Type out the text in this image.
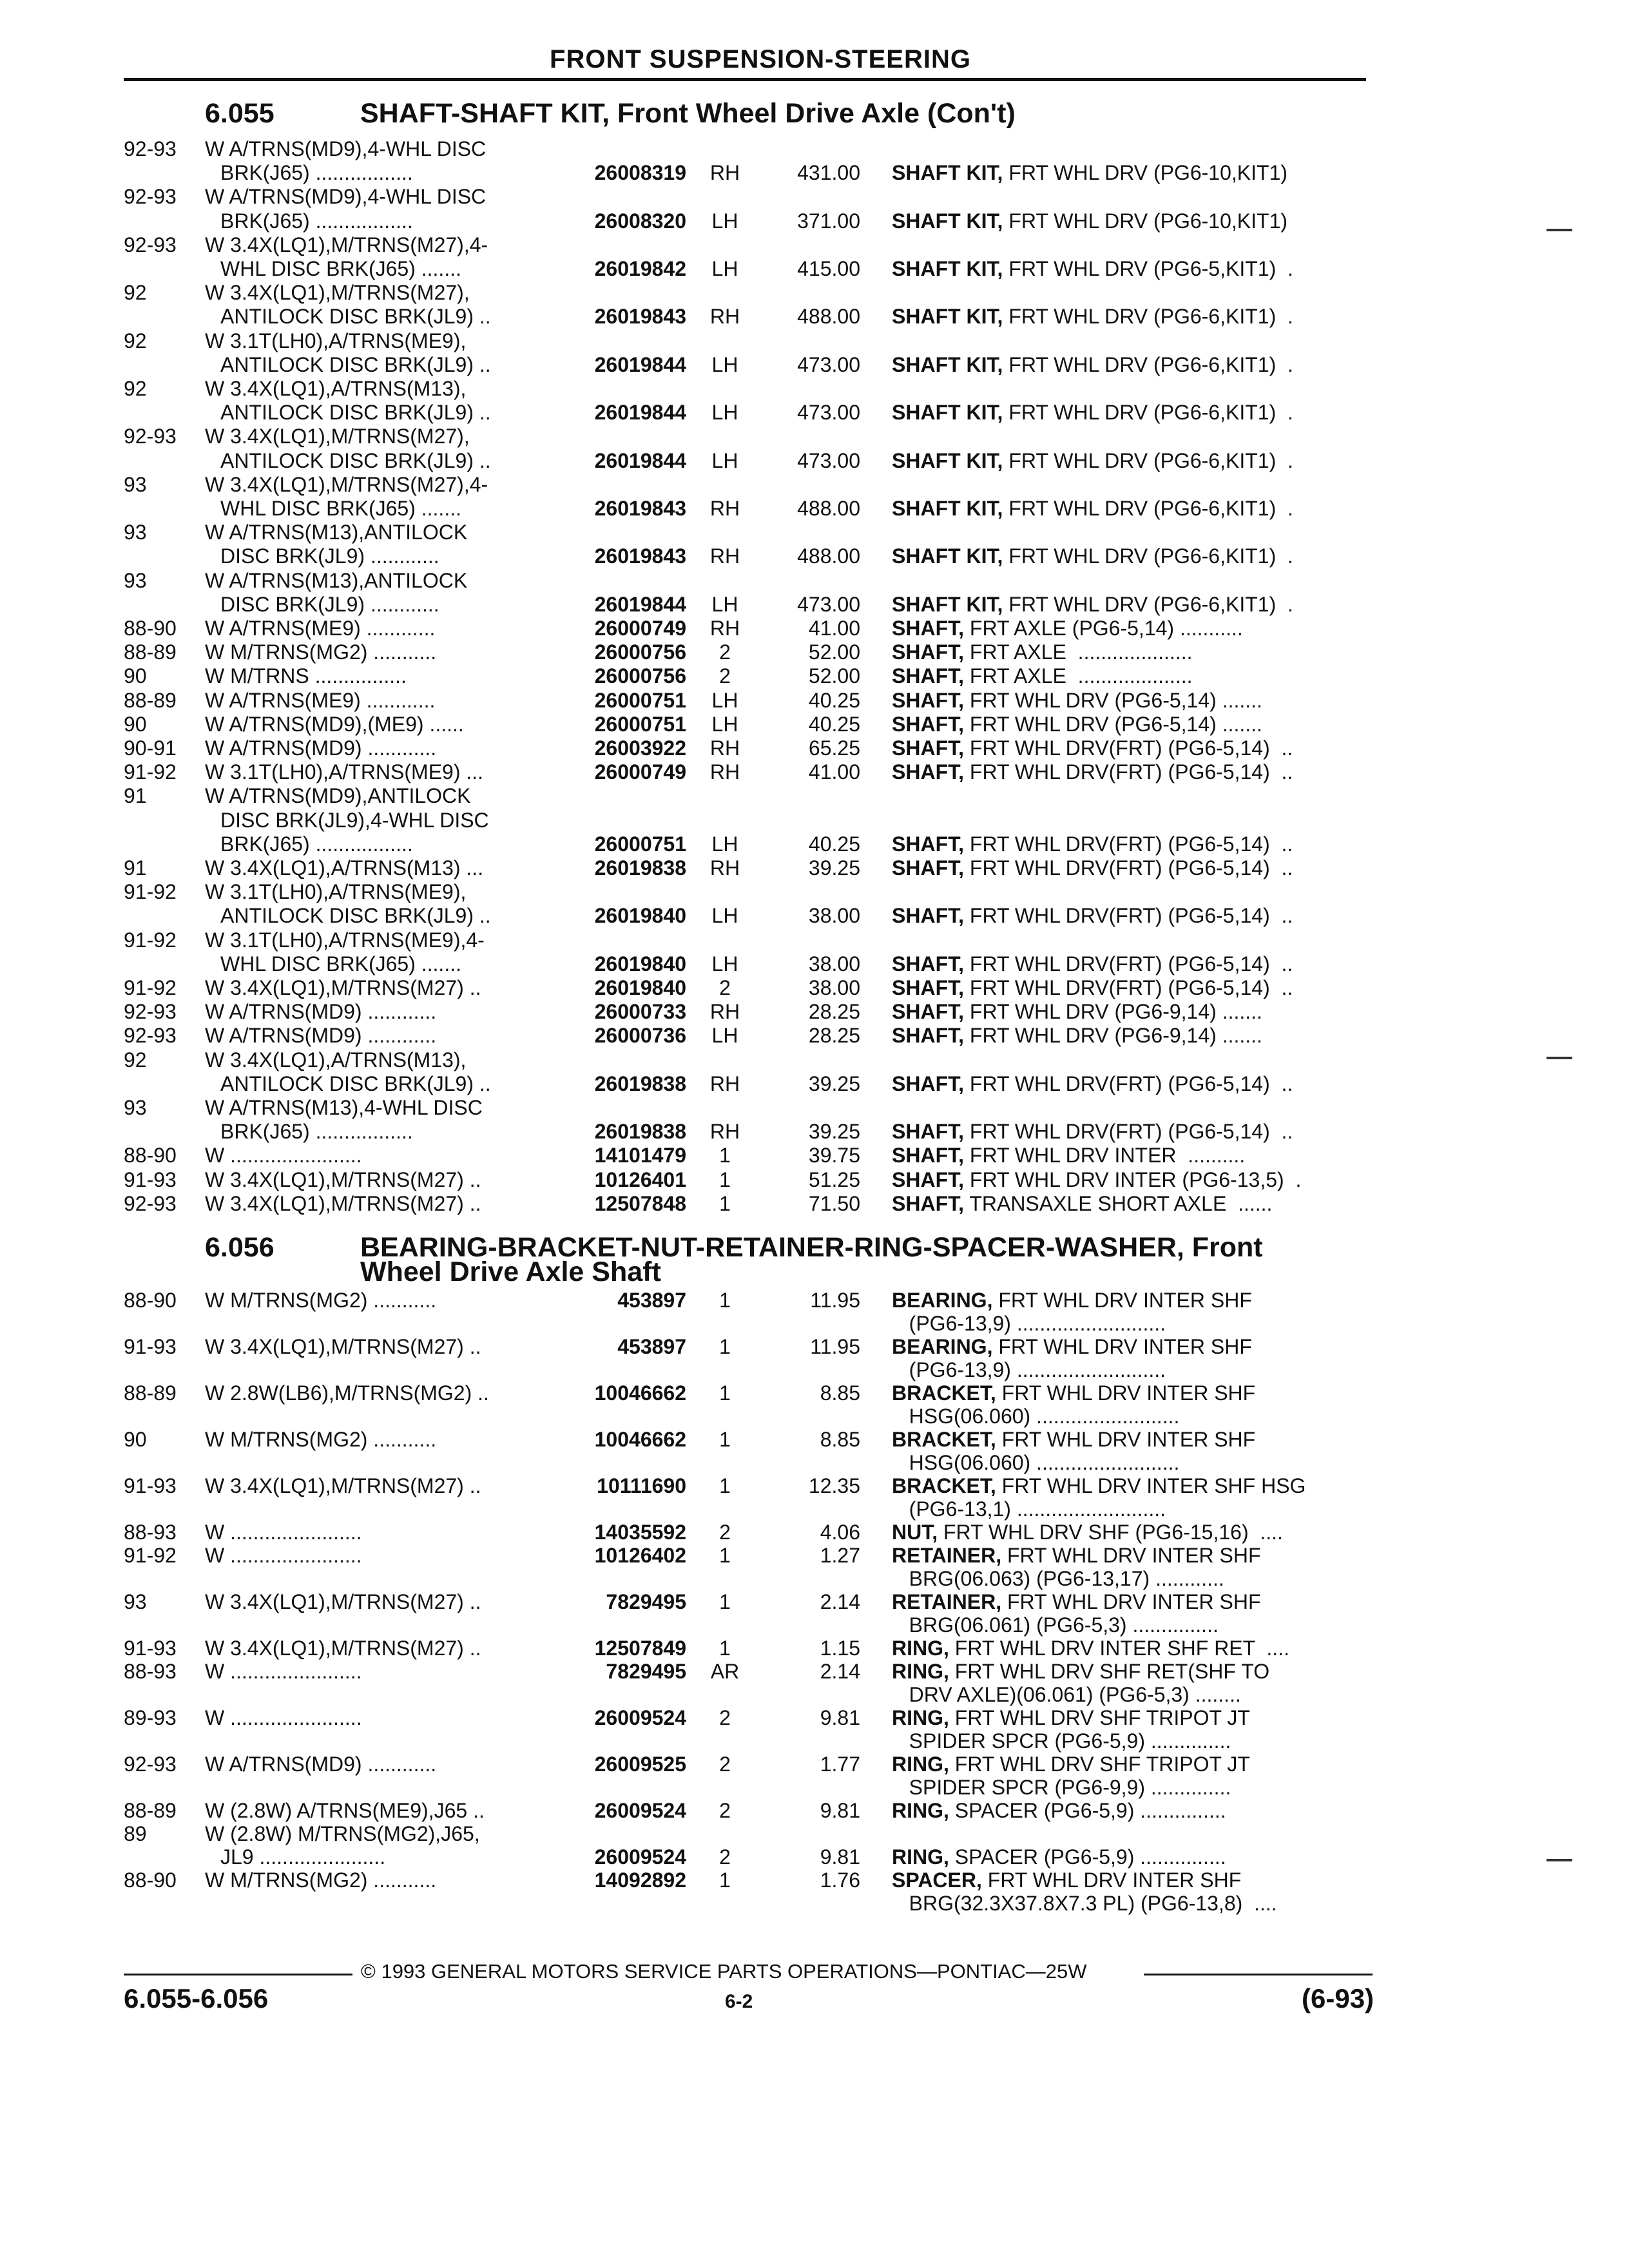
FRONT SUSPENSION-STEERING
6.055	SHAFT-SHAFT KIT, Front Wheel Drive Axle (Con't)
6.056	BEARING-BRACKET-NUT-RETAINER-RING-SPACER-WASHER, Front
Wheel Drive Axle Shaft
92-93 W A/TRNS(MD9),4-WHL DISC
BRK(J65) .................	26008319	RH	431.00 SHAFT KIT, FRT WHL DRV (PG6-10,KIT1)
92-93 W A/TRNS(MD9),4-WHL DISC
BRK(J65) .................	26008320	LH	371.00 SHAFT KIT, FRT WHL DRV (PG6-10,KIT1)
92-93 W 3.4X(LQ1),M/TRNS(M27),4-
WHL DISC BRK(J65) .......	26019842	LH	415.00 SHAFT KIT, FRT WHL DRV (PG6-5,KIT1)  .
92	W 3.4X(LQ1),M/TRNS(M27),
ANTILOCK DISC BRK(JL9) ..	26019843	RH	488.00 SHAFT KIT, FRT WHL DRV (PG6-6,KIT1)  .
92	W 3.1T(LH0),A/TRNS(ME9),
ANTILOCK DISC BRK(JL9) ..	26019844	LH	473.00 SHAFT KIT, FRT WHL DRV (PG6-6,KIT1)  .
92	W 3.4X(LQ1),A/TRNS(M13),
ANTILOCK DISC BRK(JL9) ..	26019844	LH	473.00 SHAFT KIT, FRT WHL DRV (PG6-6,KIT1)  .
92-93 W 3.4X(LQ1),M/TRNS(M27),
ANTILOCK DISC BRK(JL9) ..	26019844	LH	473.00 SHAFT KIT, FRT WHL DRV (PG6-6,KIT1)  .
93	W 3.4X(LQ1),M/TRNS(M27),4-
WHL DISC BRK(J65) .......	26019843	RH	488.00 SHAFT KIT, FRT WHL DRV (PG6-6,KIT1)  .
93	W A/TRNS(M13),ANTILOCK
DISC BRK(JL9) ............	26019843	RH	488.00 SHAFT KIT, FRT WHL DRV (PG6-6,KIT1)  .
93	W A/TRNS(M13),ANTILOCK
DISC BRK(JL9) ............	26019844	LH	473.00 SHAFT KIT, FRT WHL DRV (PG6-6,KIT1)  .
88-90 W A/TRNS(ME9) ............	26000749	RH	41.00 SHAFT, FRT AXLE (PG6-5,14) ...........
88-89 W M/TRNS(MG2) ...........	26000756	2	52.00 SHAFT, FRT AXLE  ....................
90	W M/TRNS ................	26000756	2	52.00 SHAFT, FRT AXLE  ....................
88-89 W A/TRNS(ME9) ............	26000751	LH	40.25 SHAFT, FRT WHL DRV (PG6-5,14) .......
90	W A/TRNS(MD9),(ME9) ......	26000751	LH	40.25 SHAFT, FRT WHL DRV (PG6-5,14) .......
90-91 W A/TRNS(MD9) ............	26003922	RH	65.25 SHAFT, FRT WHL DRV(FRT) (PG6-5,14)  ..
91-92 W 3.1T(LH0),A/TRNS(ME9) ...	26000749	RH	41.00 SHAFT, FRT WHL DRV(FRT) (PG6-5,14)  ..
91	W A/TRNS(MD9),ANTILOCK
DISC BRK(JL9),4-WHL DISC
BRK(J65) .................	26000751	LH	40.25 SHAFT, FRT WHL DRV(FRT) (PG6-5,14)  ..
91	W 3.4X(LQ1),A/TRNS(M13) ...	26019838	RH	39.25 SHAFT, FRT WHL DRV(FRT) (PG6-5,14)  ..
91-92 W 3.1T(LH0),A/TRNS(ME9),
ANTILOCK DISC BRK(JL9) ..	26019840	LH	38.00 SHAFT, FRT WHL DRV(FRT) (PG6-5,14)  ..
91-92 W 3.1T(LH0),A/TRNS(ME9),4-
WHL DISC BRK(J65) .......	26019840	LH	38.00 SHAFT, FRT WHL DRV(FRT) (PG6-5,14)  ..
91-92 W 3.4X(LQ1),M/TRNS(M27) ..	26019840	2	38.00 SHAFT, FRT WHL DRV(FRT) (PG6-5,14)  ..
92-93 W A/TRNS(MD9) ............	26000733	RH	28.25 SHAFT, FRT WHL DRV (PG6-9,14) .......
92-93 W A/TRNS(MD9) ............	26000736	LH	28.25 SHAFT, FRT WHL DRV (PG6-9,14) .......
92	W 3.4X(LQ1),A/TRNS(M13),
ANTILOCK DISC BRK(JL9) ..	26019838	RH	39.25 SHAFT, FRT WHL DRV(FRT) (PG6-5,14)  ..
93	W A/TRNS(M13),4-WHL DISC
BRK(J65) .................	26019838	RH	39.25 SHAFT, FRT WHL DRV(FRT) (PG6-5,14)  ..
88-90 W .......................	14101479	1	39.75 SHAFT, FRT WHL DRV INTER  ..........
91-93 W 3.4X(LQ1),M/TRNS(M27) ..	10126401	1	51.25 SHAFT, FRT WHL DRV INTER (PG6-13,5)  .
92-93 W 3.4X(LQ1),M/TRNS(M27) ..	12507848	1	71.50 SHAFT, TRANSAXLE SHORT AXLE  ......
88-90 W M/TRNS(MG2) ...........	453897	1	11.95 BEARING, FRT WHL DRV INTER SHF
(PG6-13,9) ..........................
91-93 W 3.4X(LQ1),M/TRNS(M27) ..	453897	1	11.95 BEARING, FRT WHL DRV INTER SHF
(PG6-13,9) ..........................
88-89 W 2.8W(LB6),M/TRNS(MG2) ..	10046662	1	8.85 BRACKET, FRT WHL DRV INTER SHF
HSG(06.060) .........................
90	W M/TRNS(MG2) ...........	10046662	1	8.85 BRACKET, FRT WHL DRV INTER SHF
HSG(06.060) .........................
91-93 W 3.4X(LQ1),M/TRNS(M27) ..	10111690	1	12.35 BRACKET, FRT WHL DRV INTER SHF HSG
(PG6-13,1) ..........................
88-93 W .......................	14035592	2	4.06 NUT, FRT WHL DRV SHF (PG6-15,16)  ....
91-92 W .......................	10126402	1	1.27 RETAINER, FRT WHL DRV INTER SHF
BRG(06.063) (PG6-13,17) ............
93	W 3.4X(LQ1),M/TRNS(M27) ..	7829495	1	2.14 RETAINER, FRT WHL DRV INTER SHF
BRG(06.061) (PG6-5,3) ...............
91-93 W 3.4X(LQ1),M/TRNS(M27) ..	12507849	1	1.15 RING, FRT WHL DRV INTER SHF RET  ....
88-93 W .......................	7829495	AR	2.14 RING, FRT WHL DRV SHF RET(SHF TO
DRV AXLE)(06.061) (PG6-5,3) ........
89-93 W .......................	26009524	2	9.81 RING, FRT WHL DRV SHF TRIPOT JT
SPIDER SPCR (PG6-5,9) ..............
92-93 W A/TRNS(MD9) ............	26009525	2	1.77 RING, FRT WHL DRV SHF TRIPOT JT
SPIDER SPCR (PG6-9,9) ..............
88-89 W (2.8W) A/TRNS(ME9),J65 ..	26009524	2	9.81 RING, SPACER (PG6-5,9) ...............
89	W (2.8W) M/TRNS(MG2),J65,
JL9 ......................	26009524	2	9.81 RING, SPACER (PG6-5,9) ...............
88-90 W M/TRNS(MG2) ...........	14092892	1	1.76 SPACER, FRT WHL DRV INTER SHF
BRG(32.3X37.8X7.3 PL) (PG6-13,8)  ....
© 1993 GENERAL MOTORS SERVICE PARTS OPERATIONS—PONTIAC—25W
6.055-6.056	6-2	(6-93)
